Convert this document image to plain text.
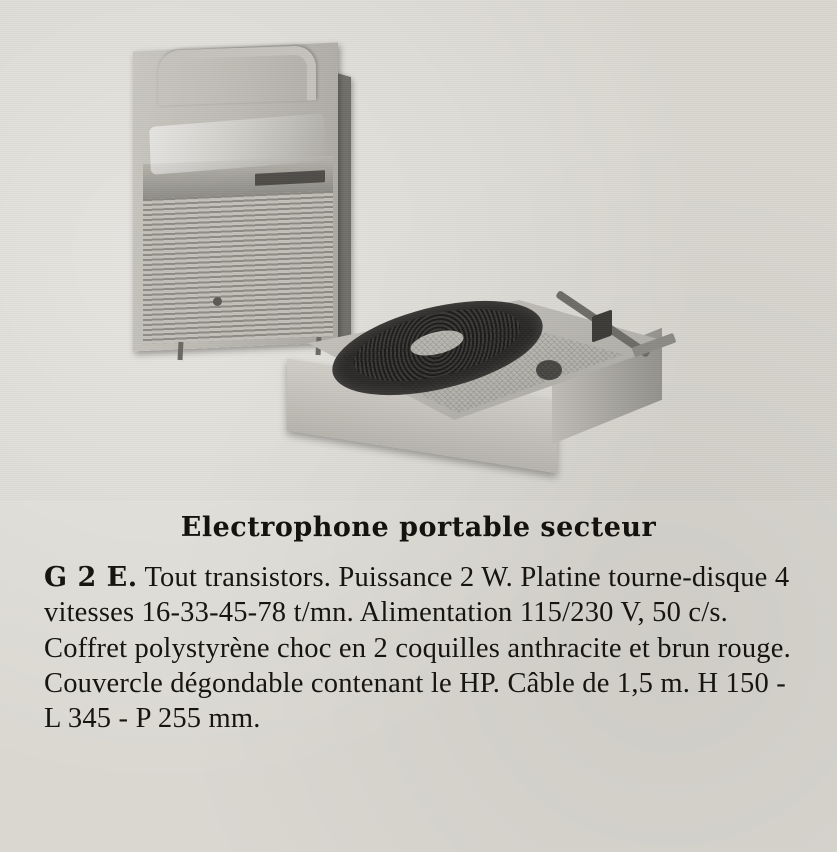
Electrophone portable secteur

G 2 E. Tout transistors. Puissance 2 W. Platine tourne-disque 4 vitesses 16-33-45-78 t/mn. Alimentation 115/230 V, 50 c/s. Coffret polystyrène choc en 2 coquilles anthracite et brun rouge. Couvercle dégondable contenant le HP. Câble de 1,5 m. H 150 - L 345 - P 255 mm.
